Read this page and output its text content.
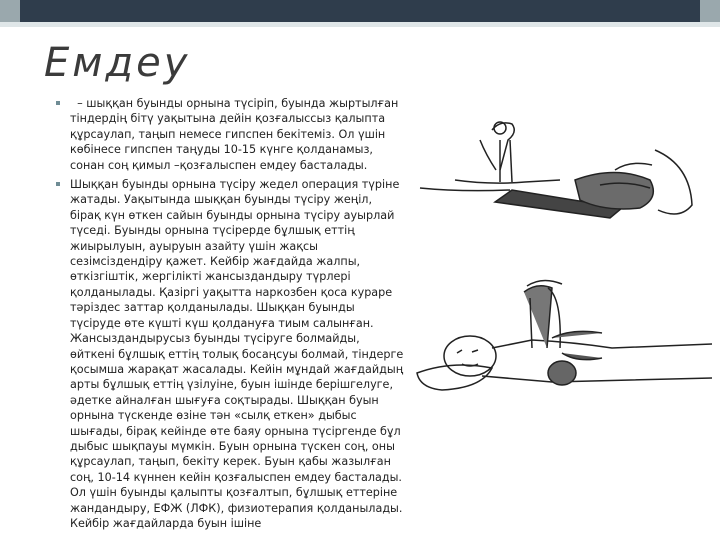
Емдеу
– шыққан буынды орнына түсіріп, буында жыртылған тіндердің бітү уақытына дейін қозғалыссыз қалыпта құрсаулап, таңып немесе гипспен бекітеміз. Ол үшін көбінесе гипспен таңуды 10-15 күнге қолданамыз, сонан соң қимыл –қозғалыспен емдеу басталады.
Шыққан буынды орнына түсіру жедел операция түріне жатады. Уақытында шыққан буынды түсіру жеңіл, бірақ күн өткен сайын буынды орнына түсіру ауырлай түседі. Буынды орнына түсірерде бұлшық еттің жиырылуын, ауыруын азайту үшін жақсы сезімсіздендіру қажет. Кейбір жағдайда жалпы, өткізгіштік, жергілікті жансыздандыру түрлері қолданылады. Қазіргі уақытта наркозбен қоса кураре тәріздес заттар қолданылады. Шыққан буынды түсіруде өте күшті күш қолдануға тиым салынған. Жансыздандырусыз буынды түсіруге болмайды, өйткені бұлшық еттің толық босаңсуы болмай, тіндерге қосымша жарақат жасалады. Кейін мұндай жағдайдың арты бұлшық еттің үзілуіне, буын ішінде берішгелуге, әдетке айналған шығуға соқтырады. Шыққан буын орнына түскенде өзіне тән «сылқ еткен» дыбыс шығады, бірақ кейінде өте баяу орнына түсіргенде бұл дыбыс шықпауы мүмкін. Буын орнына түскен соң, оны құрсаулап, таңып, бекіту керек. Буын қабы жазылған соң, 10-14 күннен кейін қозғалыспен емдеу басталады. Ол үшін буынды қалыпты қозғалтып, бұлшық еттеріне жандандыру, ЕФЖ (ЛФК), физиотерапия қолданылады. Кейбір жағдайларда буын ішіне
